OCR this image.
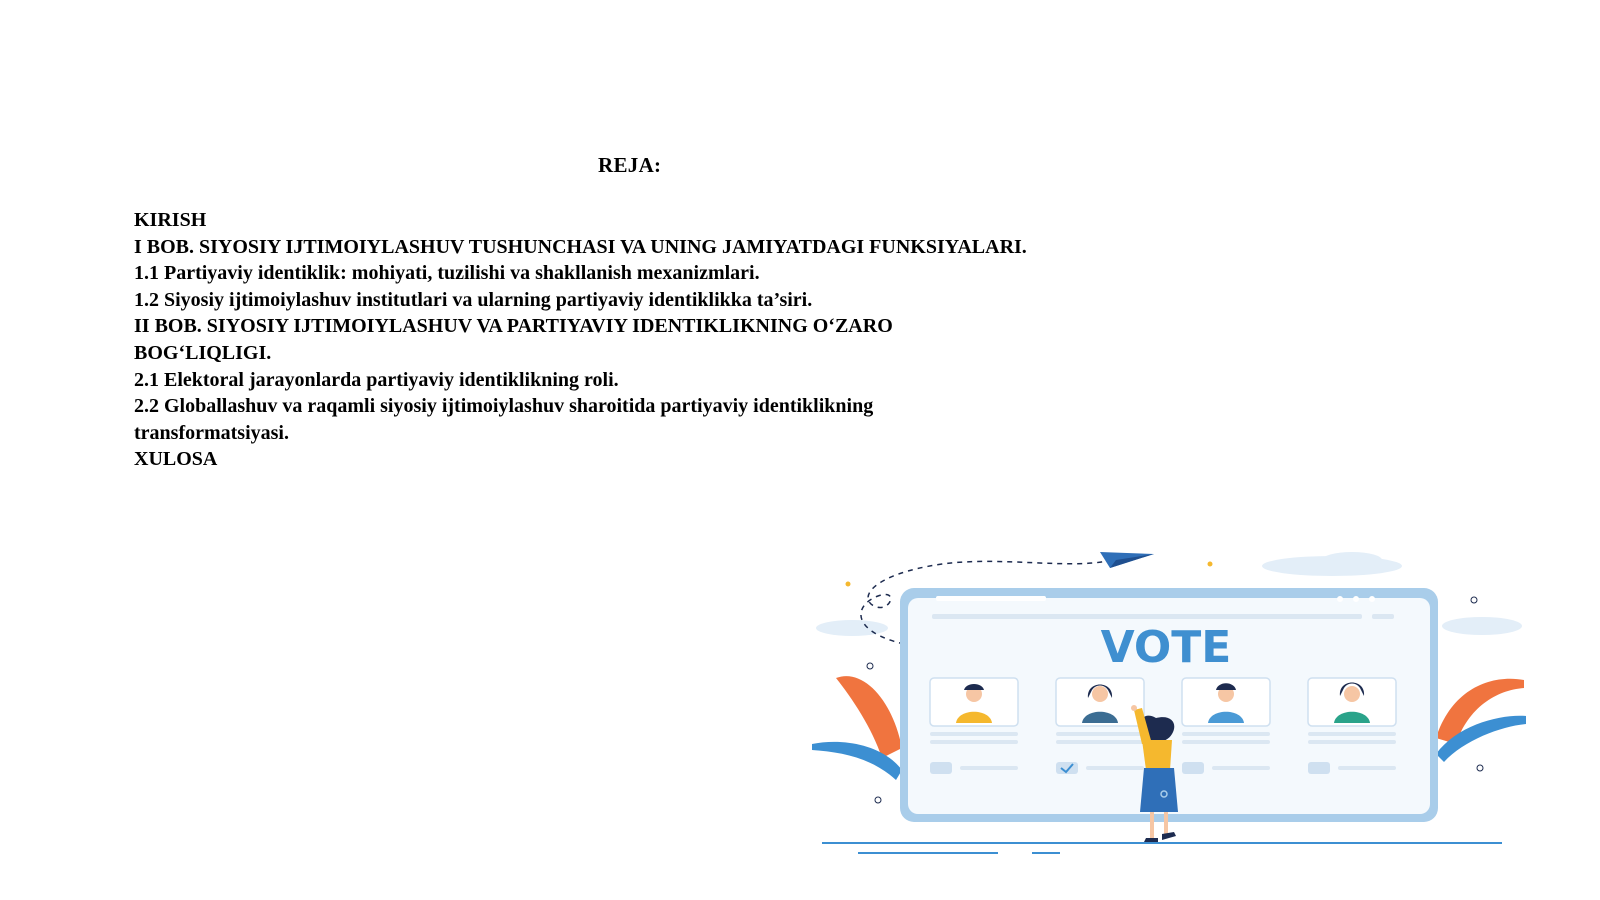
REJA:
KIRISH
I BOB. SIYOSIY IJTIMOIYLASHUV TUSHUNCHASI VA UNING JAMIYATDAGI FUNKSIYALARI.
1.1 Partiyaviy identiklik: mohiyati, tuzilishi va shakllanish mexanizmlari.
1.2 Siyosiy ijtimoiylashuv institutlari va ularning partiyaviy identiklikka ta’siri.
II BOB. SIYOSIY IJTIMOIYLASHUV VA PARTIYAVIY IDENTIKLIKNING O‘ZARO
BOG‘LIQLIGI.
2.1 Elektoral jarayonlarda partiyaviy identiklikning roli.
2.2 Globallashuv va raqamli siyosiy ijtimoiylashuv sharoitida partiyaviy identiklikning
transformatsiyasi.
XULOSA
VOTE
